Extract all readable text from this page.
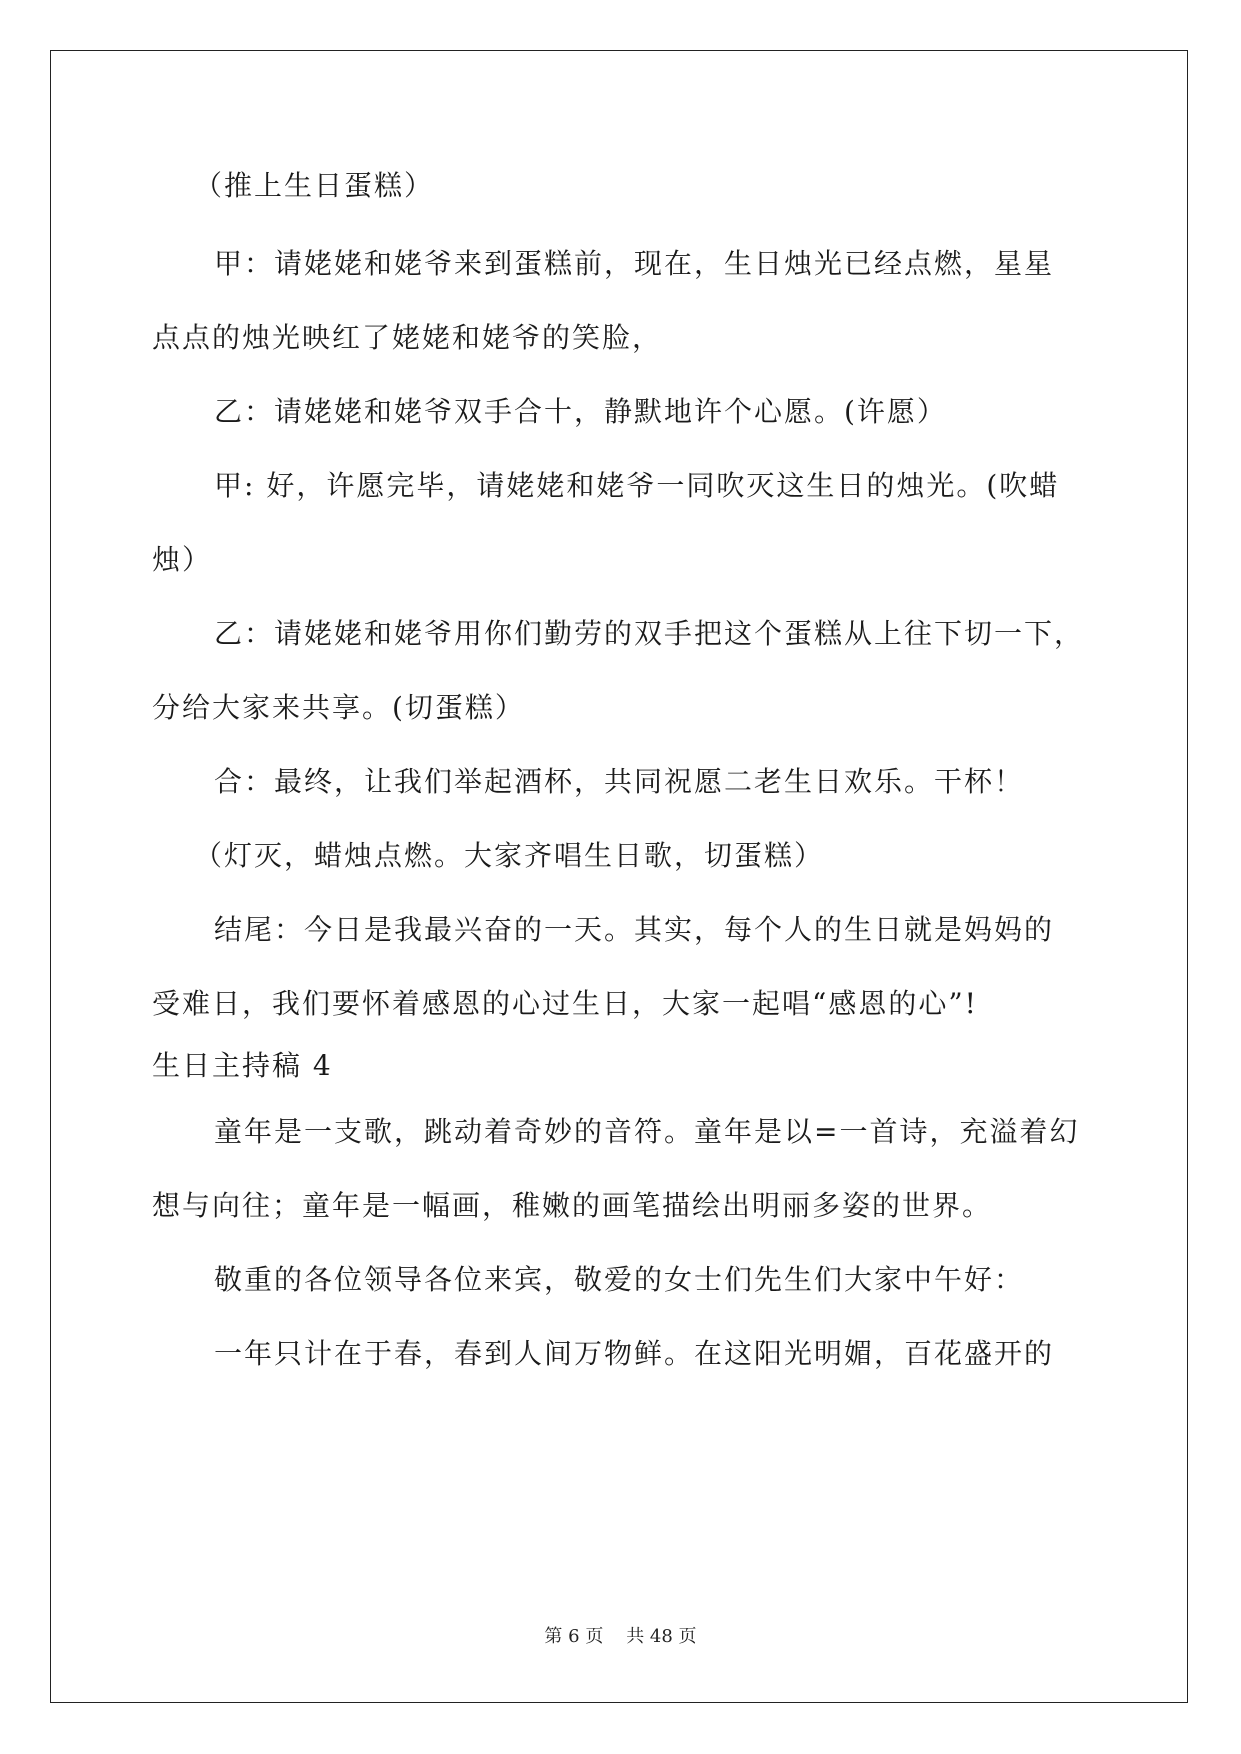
（推上生日蛋糕）
甲：请姥姥和姥爷来到蛋糕前，现在，生日烛光已经点燃，星星
点点的烛光映红了姥姥和姥爷的笑脸，
乙：请姥姥和姥爷双手合十，静默地许个心愿。(许愿）
甲: 好，许愿完毕，请姥姥和姥爷一同吹灭这生日的烛光。(吹蜡
烛）
乙：请姥姥和姥爷用你们勤劳的双手把这个蛋糕从上往下切一下，
分给大家来共享。(切蛋糕）
合：最终，让我们举起酒杯，共同祝愿二老生日欢乐。干杯！
（灯灭，蜡烛点燃。大家齐唱生日歌，切蛋糕）
结尾：今日是我最兴奋的一天。其实，每个人的生日就是妈妈的
受难日，我们要怀着感恩的心过生日，大家一起唱“感恩的心”!
生日主持稿 4
童年是一支歌，跳动着奇妙的音符。童年是以=一首诗，充溢着幻
想与向往；童年是一幅画，稚嫩的画笔描绘出明丽多姿的世界。
敬重的各位领导各位来宾，敬爱的女士们先生们大家中午好：
一年只计在于春，春到人间万物鲜。在这阳光明媚，百花盛开的
第 6 页    共 48 页
